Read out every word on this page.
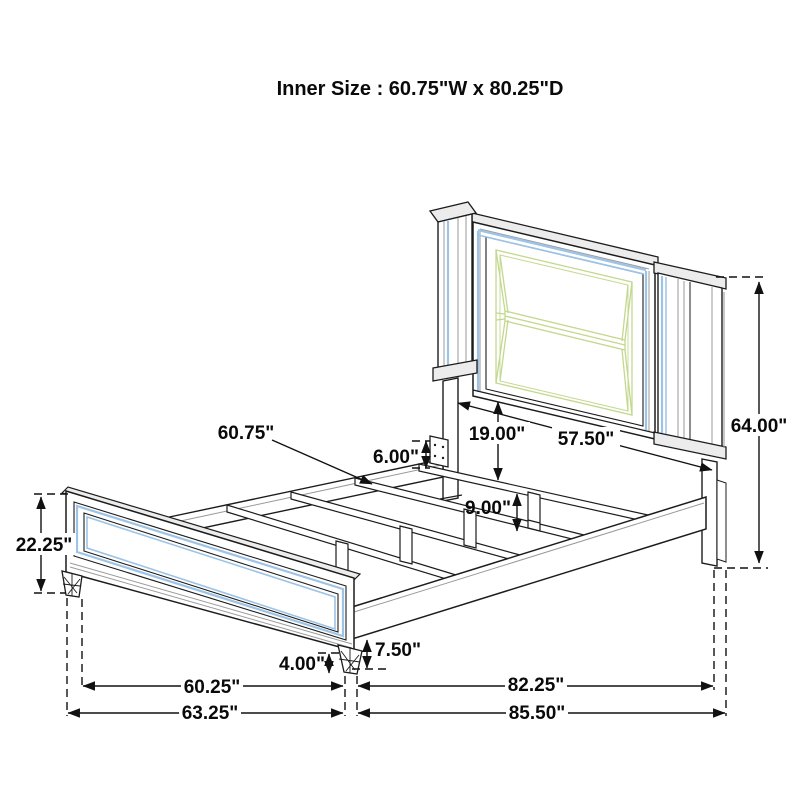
Inner Size : 60.75"W x 80.25"D
60.75"
6.00"
19.00" 57.50"
9.00"
64.00"
22.25"
7.50"
4.00"
60.25"	82.25"
63.25"	85.50"
